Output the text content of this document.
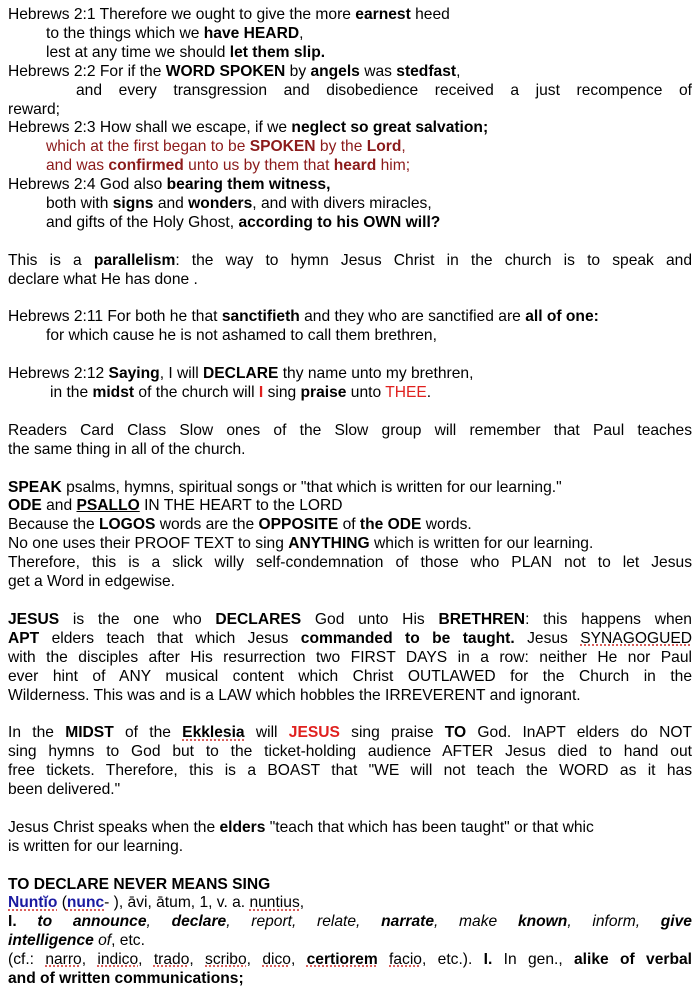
Hebrews 2:1 Therefore we ought to give the more earnest heed
to the things which we have HEARD,
lest at any time we should let them slip.
Hebrews 2:2 For if the WORD SPOKEN by angels was stedfast,
and every transgression and disobedience received a just recompence of
reward;
Hebrews 2:3 How shall we escape, if we neglect so great salvation;
which at the first began to be SPOKEN by the Lord,
and was confirmed unto us by them that heard him;
Hebrews 2:4 God also bearing them witness,
both with signs and wonders, and with divers miracles,
and gifts of the Holy Ghost, according to his OWN will?
This is a parallelism: the way to hymn Jesus Christ in the church is to speak and
declare what He has done .
Hebrews 2:11 For both he that sanctifieth and they who are sanctified are all of one:
for which cause he is not ashamed to call them brethren,
Hebrews 2:12 Saying, I will DECLARE thy name unto my brethren,
in the midst of the church will I sing praise unto THEE.
Readers Card Class Slow ones of the Slow group will remember that Paul teaches
the same thing in all of the church.
SPEAK psalms, hymns, spiritual songs or "that which is written for our learning."
ODE and PSALLO IN THE HEART to the LORD
Because the LOGOS words are the OPPOSITE of the ODE words.
No one uses their PROOF TEXT to sing ANYTHING which is written for our learning.
Therefore, this is a slick willy self-condemnation of those who PLAN not to let Jesus
get a Word in edgewise.
JESUS is the one who DECLARES God unto His BRETHREN: this happens when
APT elders teach that which Jesus commanded to be taught. Jesus SYNAGOGUED
with the disciples after His resurrection two FIRST DAYS in a row: neither He nor Paul
ever hint of ANY musical content which Christ OUTLAWED for the Church in the
Wilderness. This was and is a LAW which hobbles the IRREVERENT and ignorant.
In the MIDST of the Ekklesia will JESUS sing praise TO God. InAPT elders do NOT
sing hymns to God but to the ticket-holding audience AFTER Jesus died to hand out
free tickets. Therefore, this is a BOAST that "WE will not teach the WORD as it has
been delivered."
Jesus Christ speaks when the elders "teach that which has been taught" or that whic
is written for our learning.
TO DECLARE NEVER MEANS SING
Nuntĭo (nunc- ), āvi, ātum, 1, v. a. nuntius,
I. to announce, declare, report, relate, narrate, make known, inform, give
intelligence of, etc.
(cf.: narro, indico, trado, scribo, dico, certiorem facio, etc.). I. In gen., alike of verbal
and of written communications;
